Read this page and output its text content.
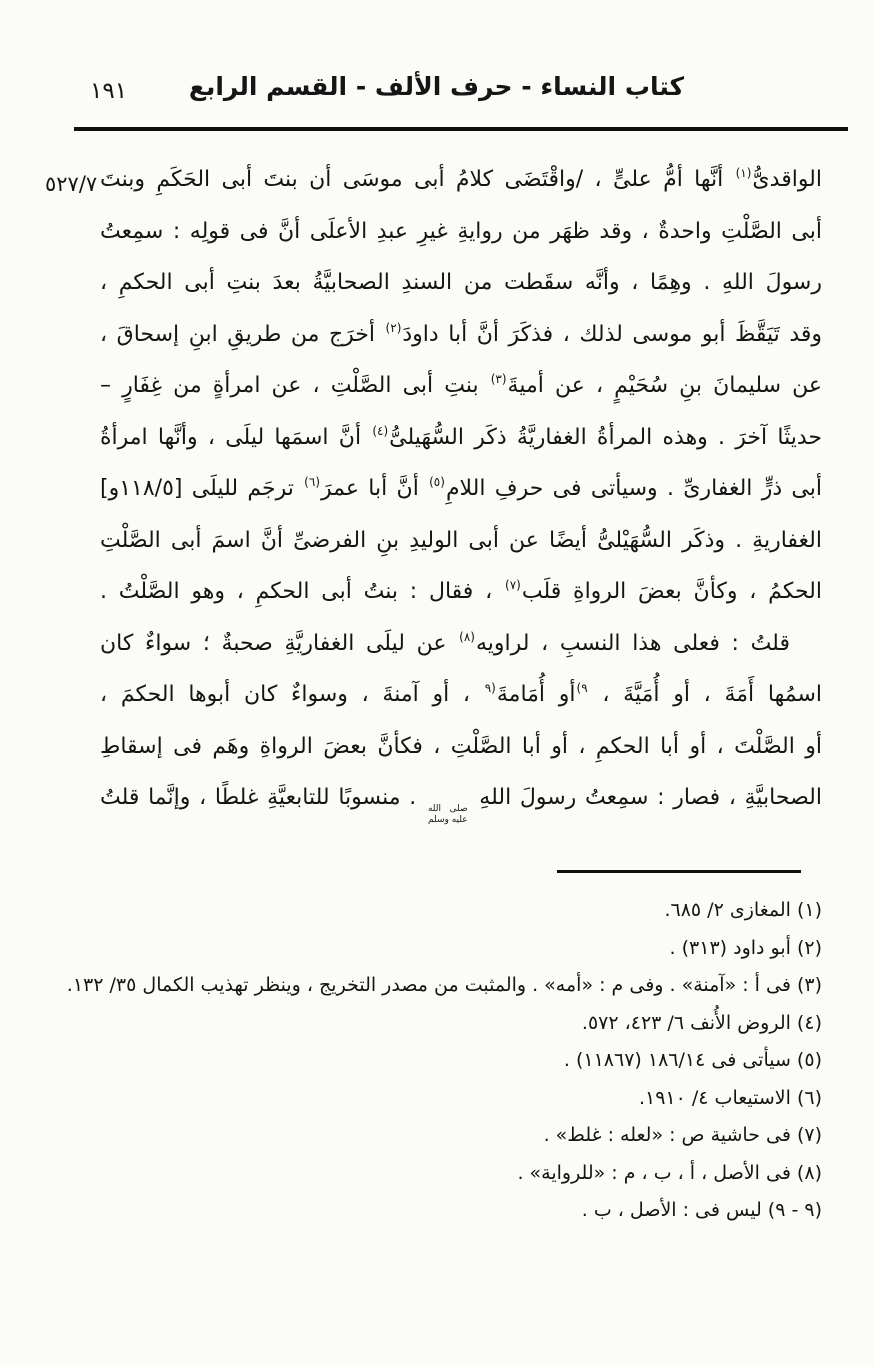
١٩١	كتاب النساء - حرف الألف - القسم الرابع
٧‏/‏٥٢٧	الواقدىُّ$^{(١)}$ أنَّها أمُّ علىٍّ ، /واقْتَضَى كلامُ أبى موسَى أن بنتَ أبى الحَكَمِ وبنتَ
أبى الصَّلْتِ واحدةٌ ، وقد ظهَر من روايةِ غيرِ عبدِ الأعلَى أنَّ فى قولِه : سمِعتُ
رسولَ اللهِ . وهِمًا ، وأنَّه سقَطت من السندِ الصحابيَّةُ بعدَ بنتِ أبى الحكمِ ،
وقد تَيَقَّظَ أبو موسى لذلك ، فذكَرَ أنَّ أبا داودَ$^{(٢)}$ أخرَج من طريقِ ابنِ إسحاقَ ،
عن سليمانَ بنِ سُحَيْمٍ ، عن أميةَ$^{(٣)}$ بنتِ أبى الصَّلْتِ ، عن امرأةٍ من غِفَارٍ –
حديثًا آخرَ . وهذه المرأةُ الغفاريَّةُ ذكَر السُّهَيلىُّ$^{(٤)}$ أنَّ اسمَها ليلَى ، وأنَّها امرأةُ
أبى ذرٍّ الغفارىِّ . وسيأتى فى حرفِ اللامِ$^{(٥)}$ أنَّ أبا عمرَ$^{(٦)}$ ترجَم لليلَى [٥‏/‏١١٨و]
الغفاريةِ . وذكَر السُّهَيْلىُّ أيضًا عن أبى الوليدِ بنِ الفرضىِّ أنَّ اسمَ أبى الصَّلْتِ
الحكمُ ، وكأنَّ بعضَ الرواةِ قلَب$^{(٧)}$ ، فقال : بنتُ أبى الحكمِ ، وهو الصَّلْتُ .
قلتُ : فعلى هذا النسبِ ، لراويه$^{(٨)}$ عن ليلَى الغفاريَّةِ صحبةٌ ؛ سواءٌ كان
اسمُها أَمَةَ ، أو أُمَيَّةَ ، $^{(٩}$أو أُمَامةَ$^{٩)}$ ، أو آمنةَ ، وسواءٌ كان أبوها الحكمَ ،
أو الصَّلْتَ ، أو أبا الحكمِ ، أو أبا الصَّلْتِ ، فكأنَّ بعضَ الرواةِ وهَم فى إسقاطِ
الصحابيَّةِ ، فصار : سمِعتُ رسولَ اللهِ
صلى الله
عليه وسلم
. منسوبًا للتابعيَّةِ غلطًا ، وإنَّما قلتُ
(١) المغازى ٢/ ٦٨٥.
(٢) أبو داود (٣١٣) .
(٣) فى أ : «آمنة» . وفى م : «أمه» . والمثبت من مصدر التخريج ، وينظر تهذيب الكمال ٣٥/ ١٣٢.
(٤) الروض الأُنف ٦/ ٤٢٣، ٥٧٢.
(٥) سيأتى فى ١٤‏/‏١٨٦ (١١٨٦٧) .
(٦) الاستيعاب ٤/ ١٩١٠.
(٧) فى حاشية ص : «لعله : غلط» .
(٨) فى الأصل ، أ ، ب ، م : «للرواية» .
(٩ - ٩) ليس فى : الأصل ، ب .
